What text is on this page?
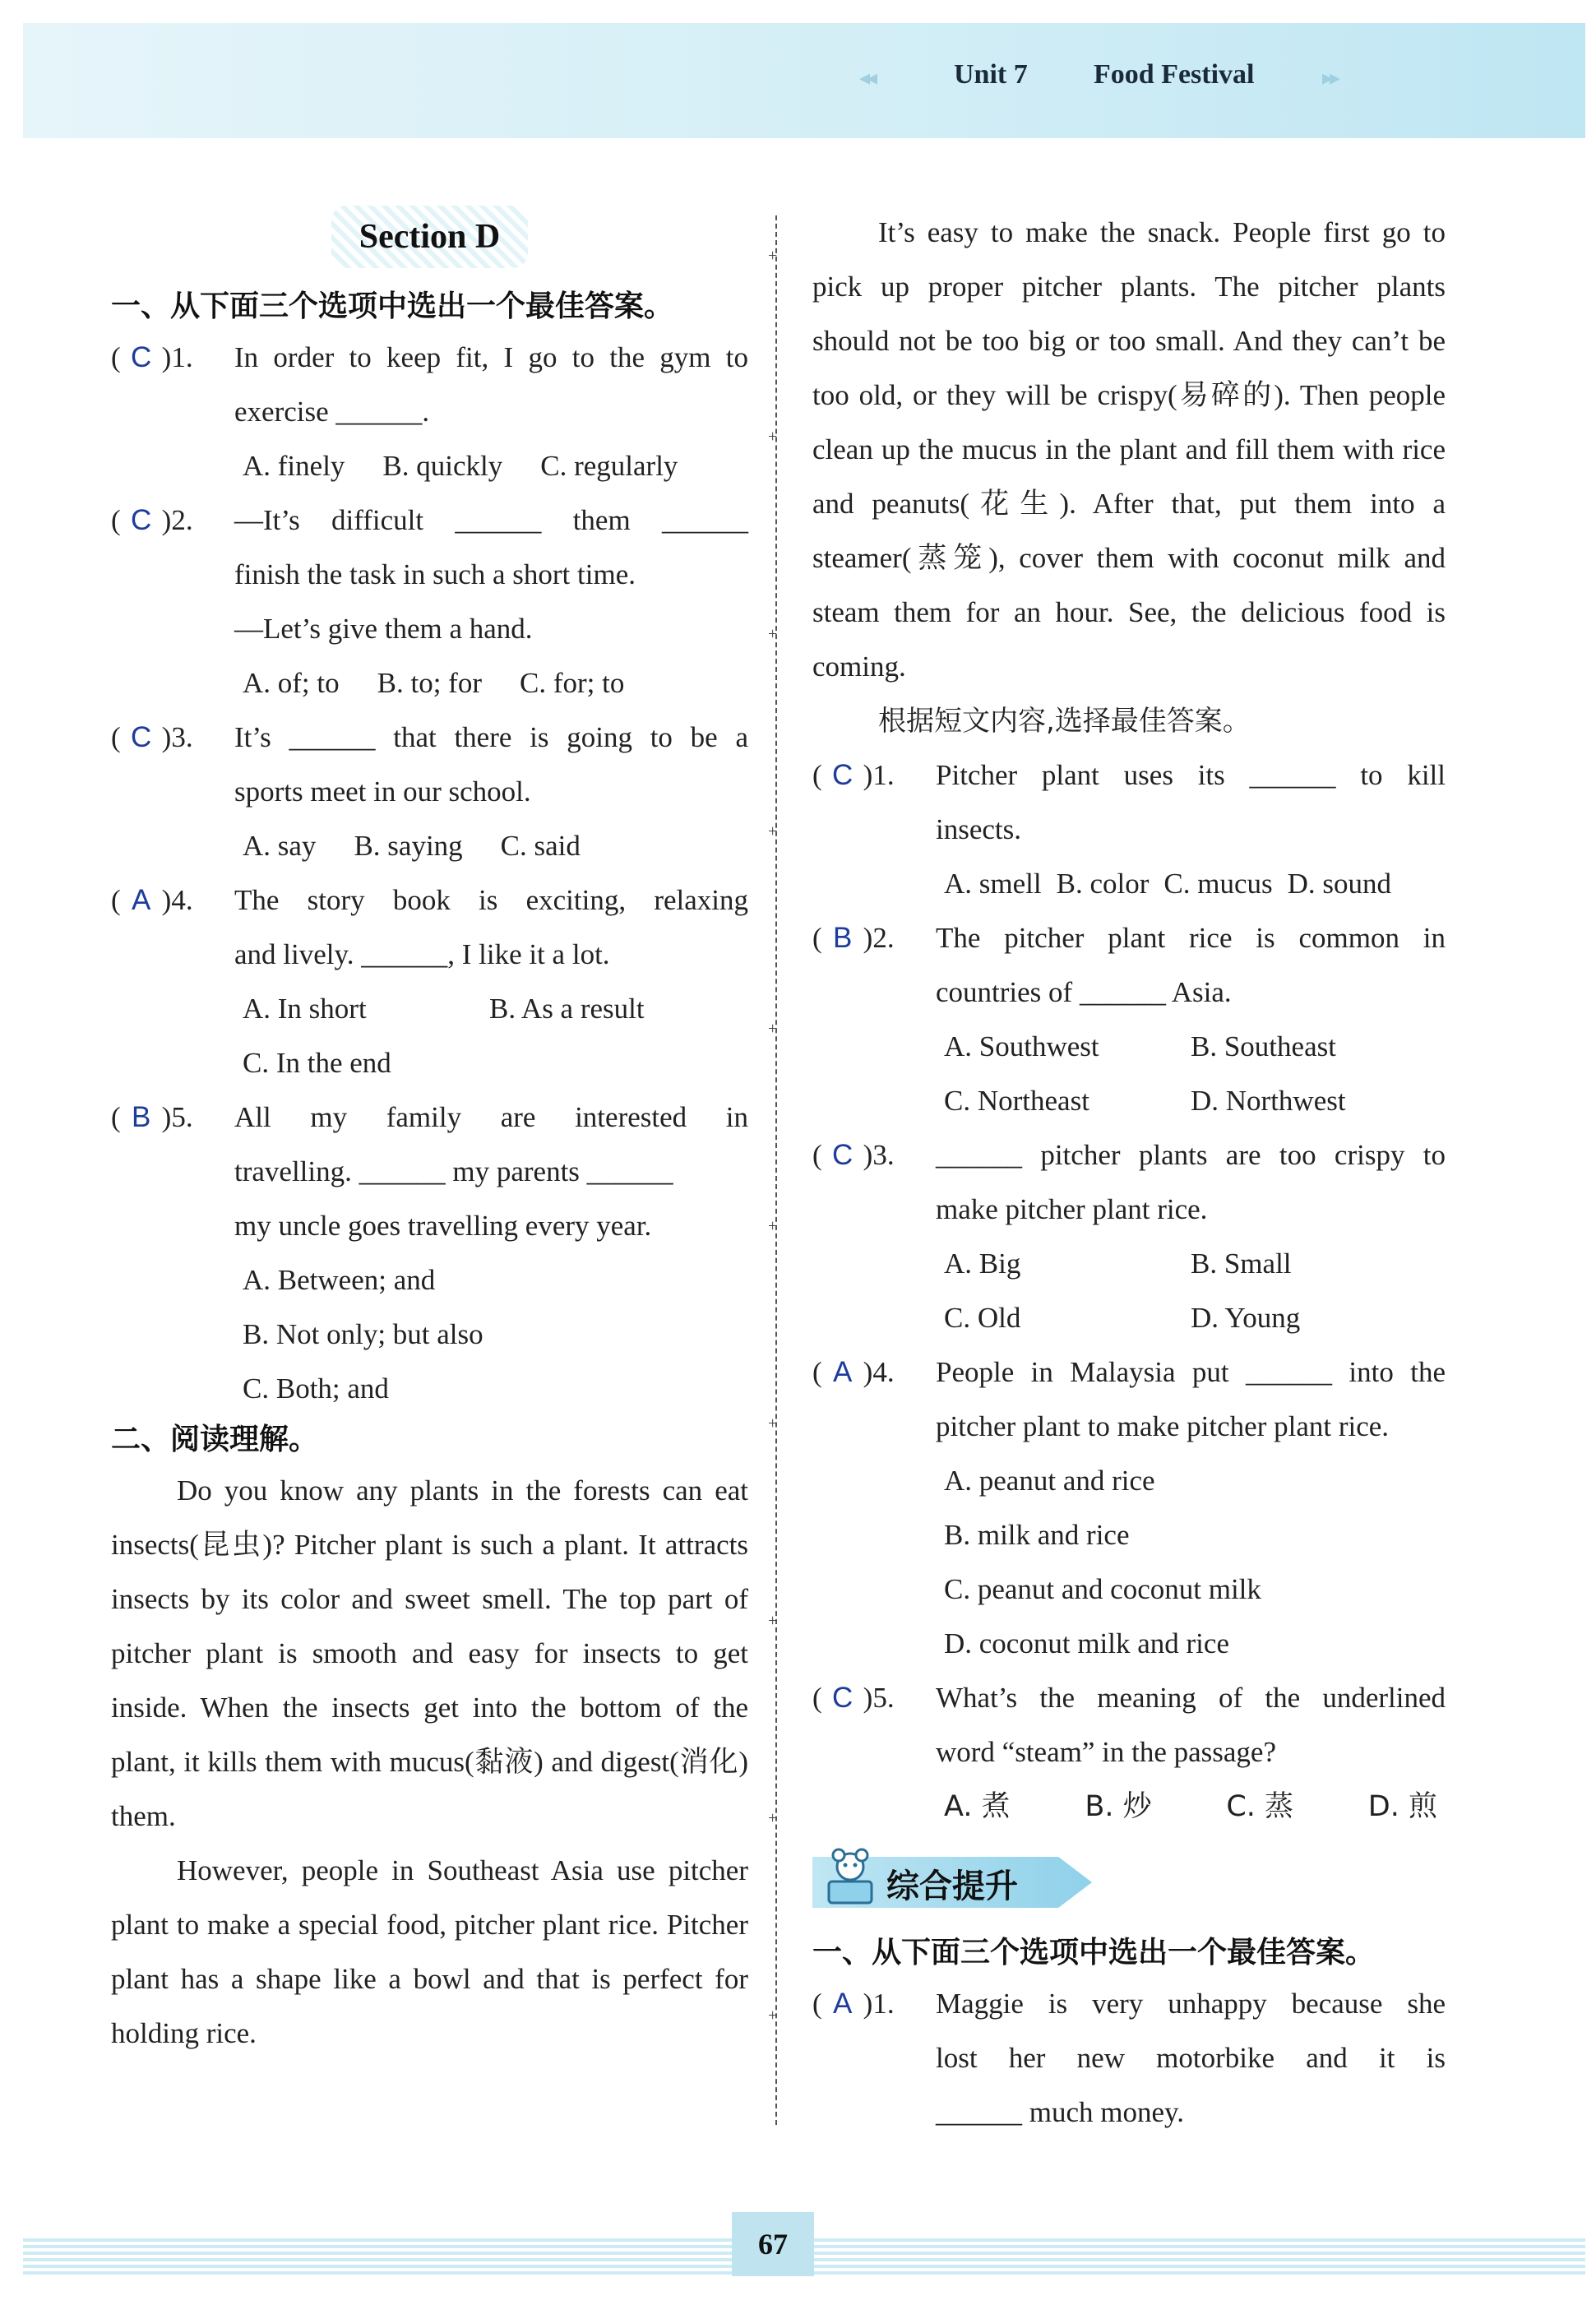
◂◂	Unit 7 Food Festival	▸▸
Section D
一、从下面三个选项中选出一个最佳答案。
( C )1.	In order to keep fit, I go to the gym to
exercise ______.
A. finely B. quickly C. regularly
( C )2.	—It’s difficult ______ them ______
finish the task in such a short time.
—Let’s give them a hand.
A. of; to B. to; for C. for; to
( C )3.	It’s ______ that there is going to be a
sports meet in our school.
A. say B. saying C. said
( A )4.	The story book is exciting, relaxing
and lively. ______, I like it a lot.
A. In short	B. As a result
C. In the end
( B )5.	All my family are interested in
travelling. ______ my parents ______
my uncle goes travelling every year.
A. Between; and
B. Not only; but also
C. Both; and
二、阅读理解。

Do you know any plants in the forests can eat insects(昆虫)? Pitcher plant is such a plant. It attracts insects by its color and sweet smell. The top part of pitcher plant is smooth and easy for insects to get inside. When the insects get into the bottom of the plant, it kills them with mucus(黏液) and digest(消化) them.

However, people in Southeast Asia use pitcher plant to make a special food, pitcher plant rice. Pitcher plant has a shape like a bowl and that is perfect for holding rice.

It’s easy to make the snack. People first go to pick up proper pitcher plants. The pitcher plants should not be too big or too small. And they can’t be too old, or they will be crispy(易碎的). Then people clean up the mucus in the plant and fill them with rice and peanuts(花生). After that, put them into a steamer(蒸笼), cover them with coconut milk and steam them for an hour. See, the delicious food is coming.

根据短文内容,选择最佳答案。
( C )1.	Pitcher plant uses its ______ to kill
insects.
A. smell B. color C. mucus D. sound
( B )2.	The pitcher plant rice is common in
countries of ______ Asia.
A. Southwest	B. Southeast
C. Northeast	D. Northwest
( C )3.	______ pitcher plants are too crispy to
make pitcher plant rice.
A. Big	B. Small
C. Old	D. Young
( A )4.	People in Malaysia put ______ into the
pitcher plant to make pitcher plant rice.
A. peanut and rice
B. milk and rice
C. peanut and coconut milk
D. coconut milk and rice
( C )5.	What’s the meaning of the underlined
word “steam” in the passage?
A. 煮	B. 炒	C. 蒸	D. 煎
综合提升
一、从下面三个选项中选出一个最佳答案。
( A )1.	Maggie is very unhappy because she
lost her new motorbike and it is
______ much money.
67
+
+
+
+
+
+
+
+
+
+
